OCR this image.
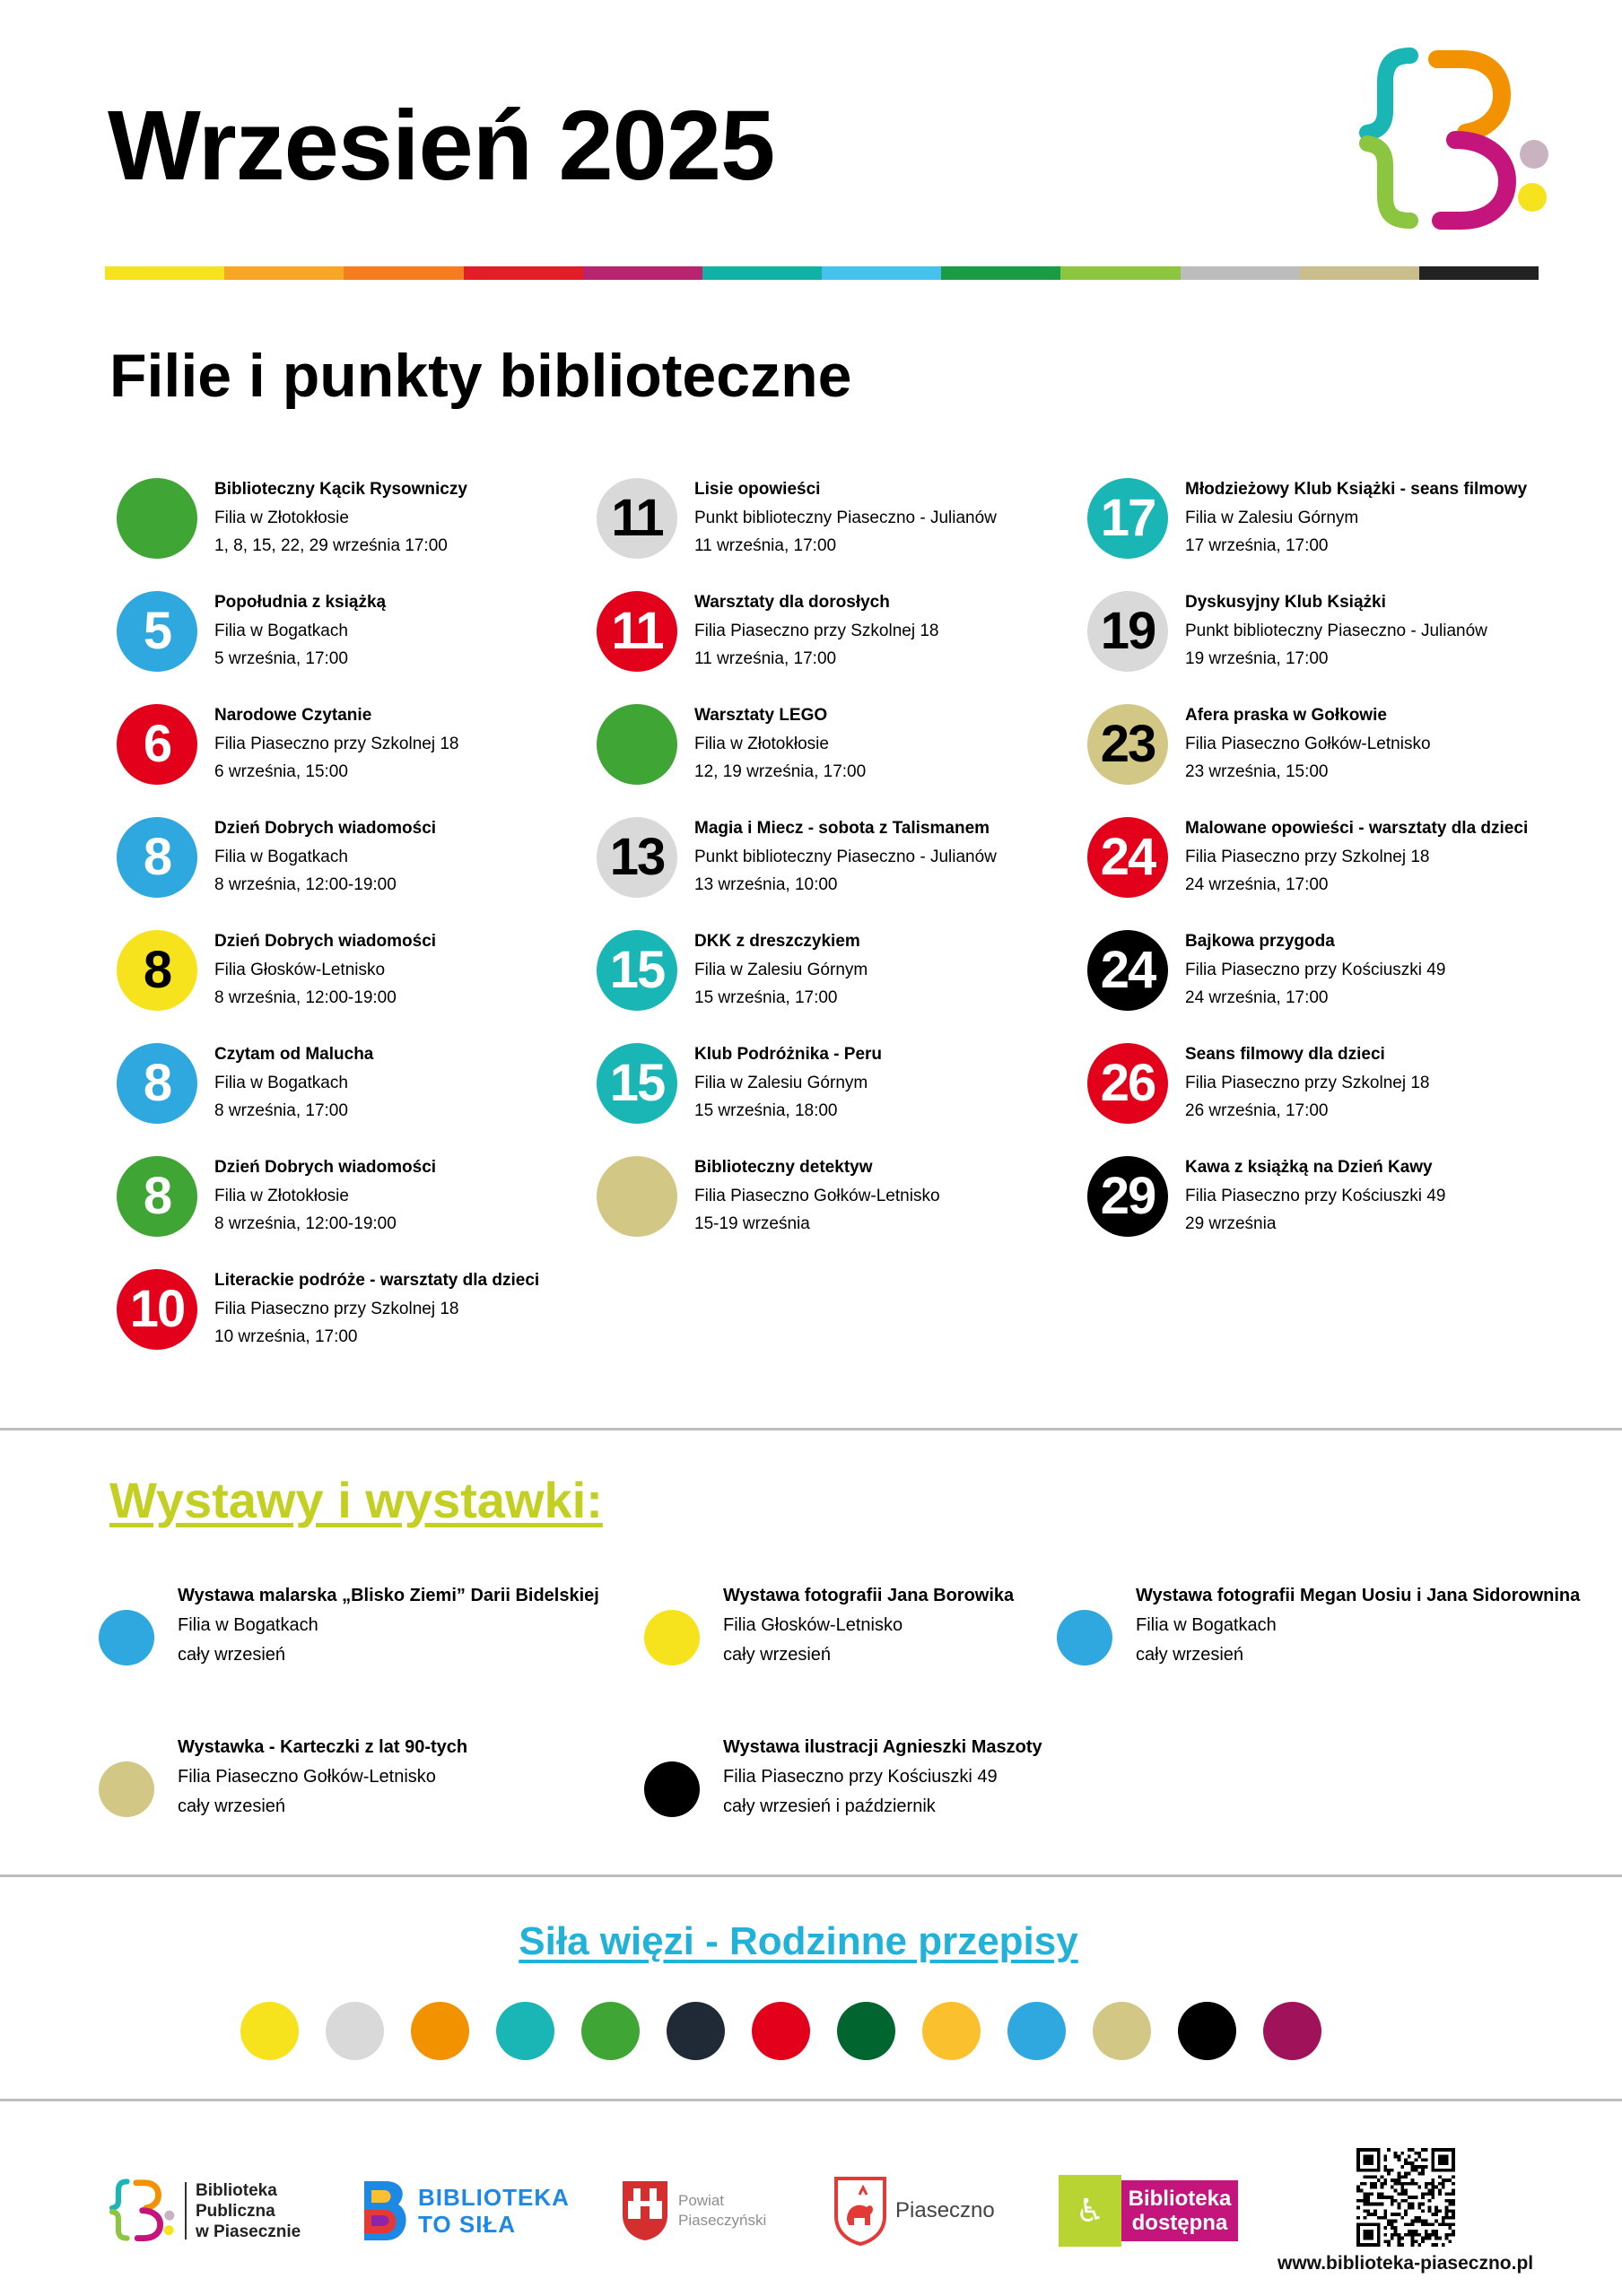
Wrzesień 2025
Filie i punkty biblioteczne
Biblioteczny Kącik Rysowniczy
Filia w Złotokłosie
1, 8, 15, 22, 29 września 17:00
5	Popołudnia z książką
Filia w Bogatkach
5 września, 17:00
6	Narodowe Czytanie
Filia Piaseczno przy Szkolnej 18
6 września, 15:00
8	Dzień Dobrych wiadomości
Filia w Bogatkach
8 września, 12:00-19:00
8	Dzień Dobrych wiadomości
Filia Głosków-Letnisko
8 września, 12:00-19:00
8	Czytam od Malucha
Filia w Bogatkach
8 września, 17:00
8	Dzień Dobrych wiadomości
Filia w Złotokłosie
8 września, 12:00-19:00
10	Literackie podróże - warsztaty dla dzieci
Filia Piaseczno przy Szkolnej 18
10 września, 17:00
11	Lisie opowieści
Punkt biblioteczny Piaseczno - Julianów
11 września, 17:00
11	Warsztaty dla dorosłych
Filia Piaseczno przy Szkolnej 18
11 września, 17:00
Warsztaty LEGO
Filia w Złotokłosie
12, 19 września, 17:00
13	Magia i Miecz - sobota z Talismanem
Punkt biblioteczny Piaseczno - Julianów
13 września, 10:00
15	DKK z dreszczykiem
Filia w Zalesiu Górnym
15 września, 17:00
15	Klub Podróżnika - Peru
Filia w Zalesiu Górnym
15 września, 18:00
Biblioteczny detektyw
Filia Piaseczno Gołków-Letnisko
15-19 września
17	Młodzieżowy Klub Książki - seans filmowy
Filia w Zalesiu Górnym
17 września, 17:00
19	Dyskusyjny Klub Książki
Punkt biblioteczny Piaseczno - Julianów
19 września, 17:00
23	Afera praska w Gołkowie
Filia Piaseczno Gołków-Letnisko
23 września, 15:00
24	Malowane opowieści - warsztaty dla dzieci
Filia Piaseczno przy Szkolnej 18
24 września, 17:00
24	Bajkowa przygoda
Filia Piaseczno przy Kościuszki 49
24 września, 17:00
26	Seans filmowy dla dzieci
Filia Piaseczno przy Szkolnej 18
26 września, 17:00
29	Kawa z książką na Dzień Kawy
Filia Piaseczno przy Kościuszki 49
29 września
Wystawy i wystawki:
Wystawa malarska „Blisko Ziemi” Darii Bidelskiej
Filia w Bogatkach
cały wrzesień
Wystawa fotografii Jana Borowika
Filia Głosków-Letnisko
cały wrzesień
Wystawa fotografii Megan Uosiu i Jana Sidorownina
Filia w Bogatkach
cały wrzesień
Wystawka - Karteczki z lat 90-tych
Filia Piaseczno Gołków-Letnisko
cały wrzesień
Wystawa ilustracji Agnieszki Maszoty
Filia Piaseczno przy Kościuszki 49
cały wrzesień i październik
Siła więzi - Rodzinne przepisy
Biblioteka
Publiczna
w Piasecznie
BIBLIOTEKA
TO SIŁA
Powiat
Piaseczyński	Piaseczno	♿	Biblioteka
dostępna
www.biblioteka-piaseczno.pl
